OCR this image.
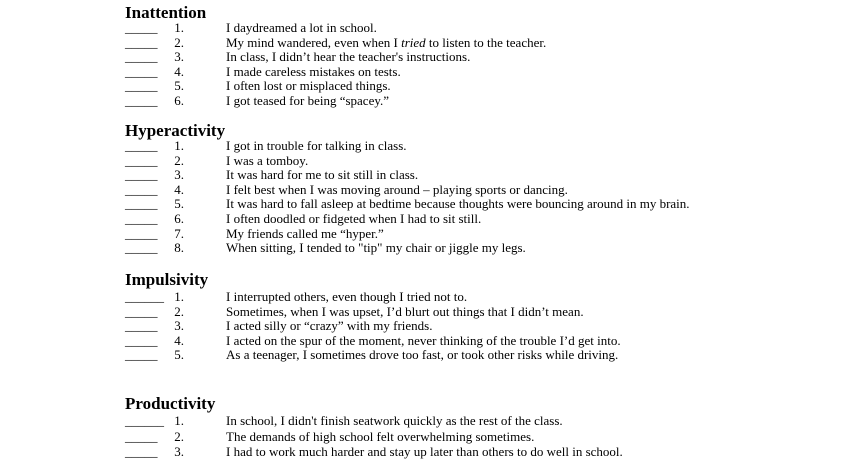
Inattention
_____	1.	I daydreamed a lot in school.
_____	2.	My mind wandered, even when I tried to listen to the teacher.
_____	3.	In class, I didn’t hear the teacher's instructions.
_____	4.	I made careless mistakes on tests.
_____	5.	I often lost or misplaced things.
_____	6.	I got teased for being “spacey.”
Hyperactivity
_____	1.	I got in trouble for talking in class.
_____	2.	I was a tomboy.
_____	3.	It was hard for me to sit still in class.
_____	4.	I felt best when I was moving around – playing sports or dancing.
_____	5.	It was hard to fall asleep at bedtime because thoughts were bouncing around in my brain.
_____	6.	I often doodled or fidgeted when I had to sit still.
_____	7.	My friends called me “hyper.”
_____	8.	When sitting, I tended to "tip" my chair or jiggle my legs.
Impulsivity
______ 1.	I interrupted others, even though I tried not to.
_____	2.	Sometimes, when I was upset, I’d blurt out things that I didn’t mean.
_____	3.	I acted silly or “crazy” with my friends.
_____	4.	I acted on the spur of the moment, never thinking of the trouble I’d get into.
_____	5.	As a teenager, I sometimes drove too fast, or took other risks while driving.
Productivity
______ 1.	In school, I didn't finish seatwork quickly as the rest of the class.
_____	2.	The demands of high school felt overwhelming sometimes.
_____	3.	I had to work much harder and stay up later than others to do well in school.
